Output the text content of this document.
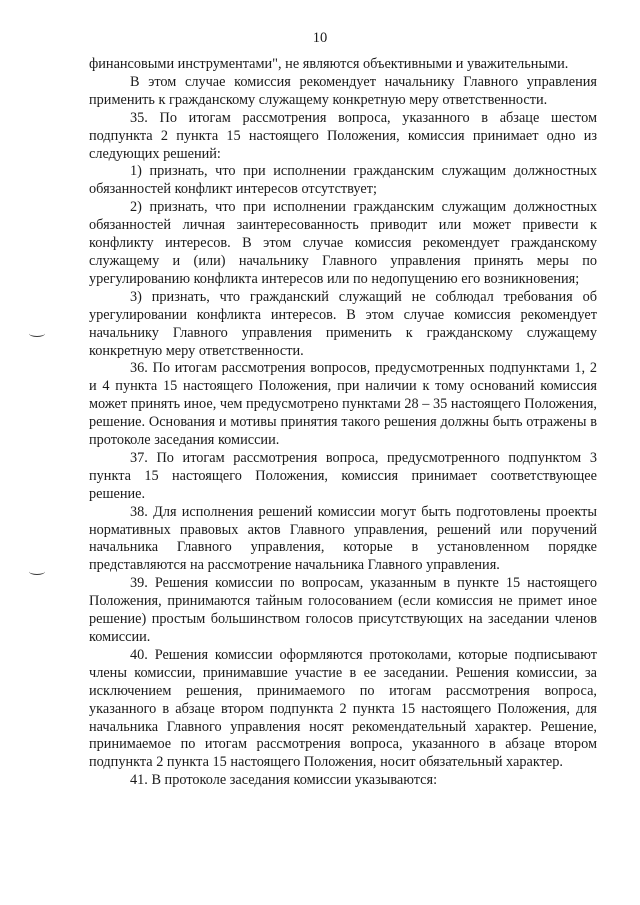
10

финансовыми инструментами", не являются объективными и уважительными.

В этом случае комиссия рекомендует начальнику Главного управления применить к гражданскому служащему конкретную меру ответственности.

35. По итогам рассмотрения вопроса, указанного в абзаце шестом подпункта 2 пункта 15 настоящего Положения, комиссия принимает одно из следующих решений:

1) признать, что при исполнении гражданским служащим должностных обязанностей конфликт интересов отсутствует;

2) признать, что при исполнении гражданским служащим должностных обязанностей личная заинтересованность приводит или может привести к конфликту интересов. В этом случае комиссия рекомендует гражданскому служащему и (или) начальнику Главного управления принять меры по урегулированию конфликта интересов или по недопущению его возникновения;

3) признать, что гражданский служащий не соблюдал требования об урегулировании конфликта интересов. В этом случае комиссия рекомендует начальнику Главного управления применить к гражданскому служащему конкретную меру ответственности.

36. По итогам рассмотрения вопросов, предусмотренных подпунктами 1, 2 и 4 пункта 15 настоящего Положения, при наличии к тому оснований комиссия может принять иное, чем предусмотрено пунктами 28 – 35 настоящего Положения, решение. Основания и мотивы принятия такого решения должны быть отражены в протоколе заседания комиссии.

37. По итогам рассмотрения вопроса, предусмотренного подпунктом 3 пункта 15 настоящего Положения, комиссия принимает соответствующее решение.

38. Для исполнения решений комиссии могут быть подготовлены проекты нормативных правовых актов Главного управления, решений или поручений начальника Главного управления, которые в установленном порядке представляются на рассмотрение начальника Главного управления.

39. Решения комиссии по вопросам, указанным в пункте 15 настоящего Положения, принимаются тайным голосованием (если комиссия не примет иное решение) простым большинством голосов присутствующих на заседании членов комиссии.

40. Решения комиссии оформляются протоколами, которые подписывают члены комиссии, принимавшие участие в ее заседании. Решения комиссии, за исключением решения, принимаемого по итогам рассмотрения вопроса, указанного в абзаце втором подпункта 2 пункта 15 настоящего Положения, для начальника Главного управления носят рекомендательный характер. Решение, принимаемое по итогам рассмотрения вопроса, указанного в абзаце втором подпункта 2 пункта 15 настоящего Положения, носит обязательный характер.

41. В протоколе заседания комиссии указываются:
